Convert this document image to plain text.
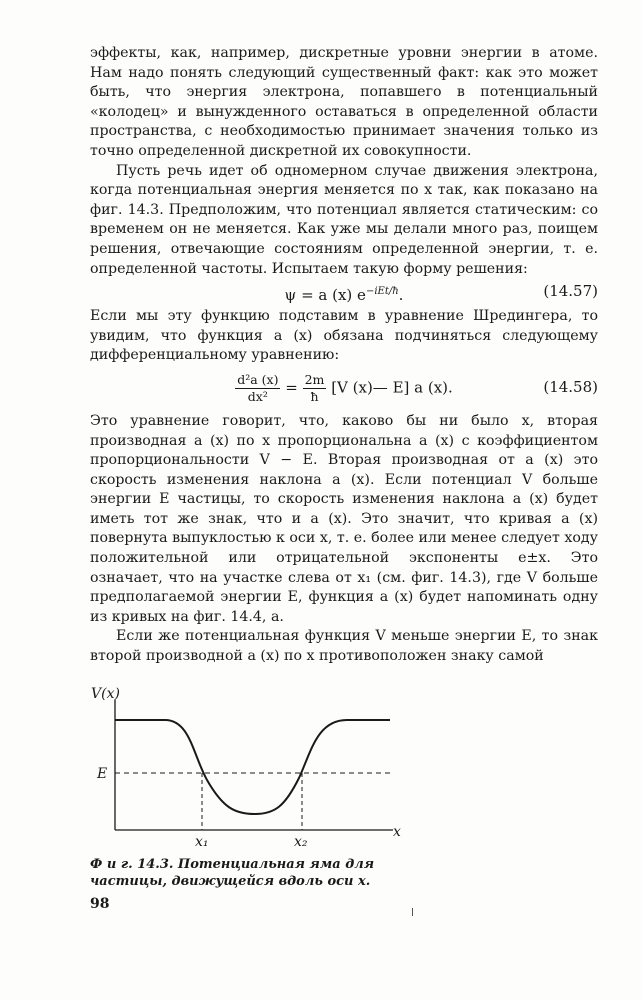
эффекты, как, например, дискретные уровни энергии в атоме. Нам надо понять следующий существенный факт: как это может быть, что энергия электрона, попавшего в потенциальный «колодец» и вынужденного оставаться в определенной области пространства, с необходимостью принимает значения только из точно определенной дискретной их совокупности.

Пусть речь идет об одномерном случае движения электрона, когда потенциальная энергия меняется по x так, как показано на фиг. 14.3. Предположим, что потенциал является статическим: со временем он не меняется. Как уже мы делали много раз, поищем решения, отвечающие состояниям определенной энергии, т. е. определенной частоты. Испытаем такую форму решения:

ψ = a (x) $e^{-iEt/ħ}$.	(14.57)

Если мы эту функцию подставим в уравнение Шредингера, то увидим, что функция a (x) обязана подчиняться следующему дифференциальному уравнению:

$\frac{\text{d²a (x)}}{\text{dx²}} = \frac{2m}{ħ} [V$ (x)— E] a (x).	(14.58)

Это уравнение говорит, что, каково бы ни было x, вторая производная a (x) по x пропорциональна a (x) с коэффициентом пропорциональности V − E. Вторая производная от a (x) это скорость изменения наклона a (x). Если потенциал V больше энергии E частицы, то скорость изменения наклона a (x) будет иметь тот же знак, что и a (x). Это значит, что кривая a (x) повернута выпуклостью к оси x, т. е. более или менее следует ходу положительной или отрицательной экспоненты e±x. Это означает, что на участке слева от x₁ (см. фиг. 14.3), где V больше предполагаемой энергии E, функция a (x) будет напоминать одну из кривых на фиг. 14.4, a.

Если же потенциальная функция V меньше энергии E, то знак второй производной a (x) по x противоположен знаку самой

V(x)
E
x₁	x₂
x
Ф и г. 14.3. Потенциальная яма для частицы, движущейся вдоль оси x.
98
